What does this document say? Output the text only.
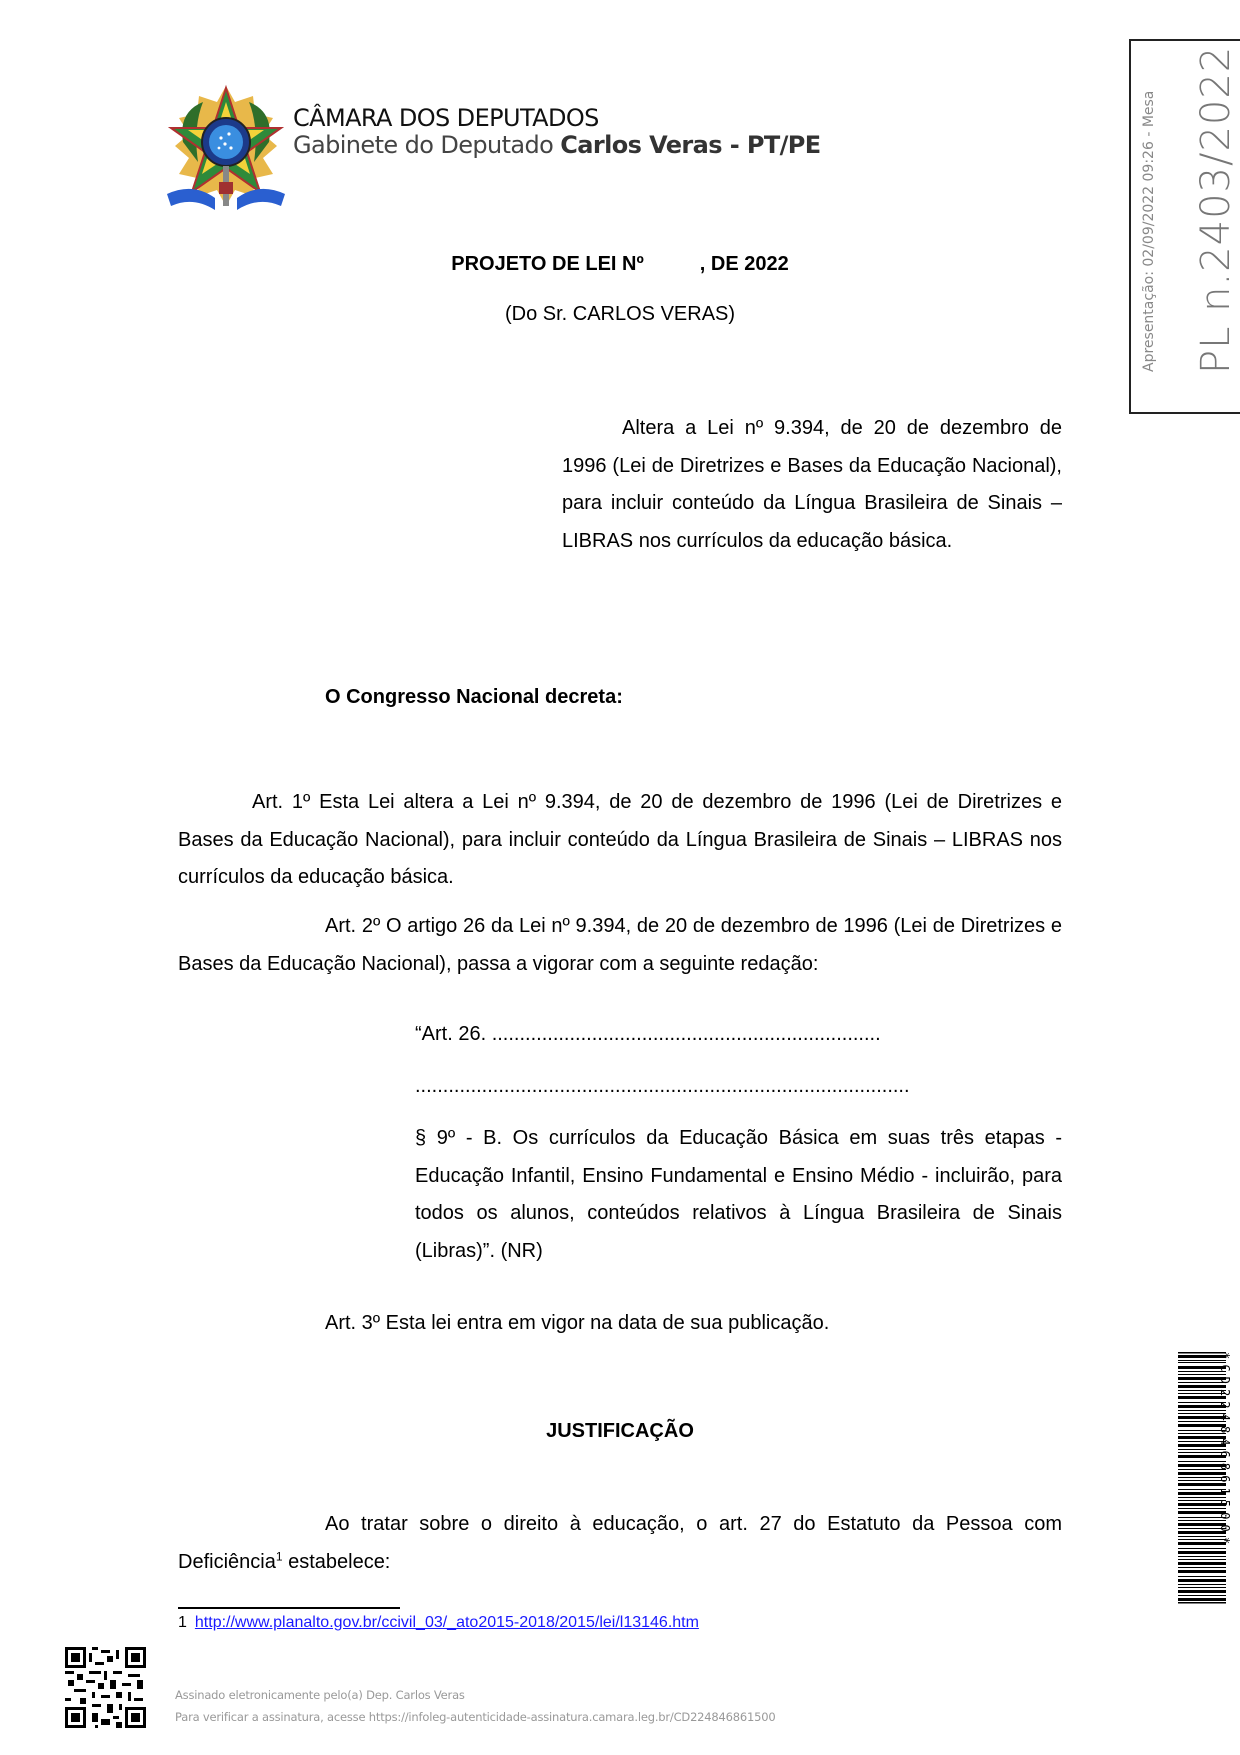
CÂMARA DOS DEPUTADOS
Gabinete do Deputado Carlos Veras - PT/PE	Apresentação: 02/09/2022 09:26 - Mesa PL n.2403/2022
PROJETO DE LEI Nº	, DE 2022
(Do Sr. CARLOS VERAS)

Altera a Lei nº 9.394, de 20 de dezembro de 1996 (Lei de Diretrizes e Bases da Educação Nacional), para incluir conteúdo da Língua Brasileira de Sinais – LIBRAS nos currículos da educação básica.

O Congresso Nacional decreta:

Art. 1º Esta Lei altera a Lei nº 9.394, de 20 de dezembro de 1996 (Lei de Diretrizes e Bases da Educação Nacional), para incluir conteúdo da Língua Brasileira de Sinais – LIBRAS nos currículos da educação básica.

Art. 2º O artigo 26 da Lei nº 9.394, de 20 de dezembro de 1996 (Lei de Diretrizes e Bases da Educação Nacional), passa a vigorar com a seguinte redação:

“Art. 26. ......................................................................
.........................................................................................

§ 9º - B. Os currículos da Educação Básica em suas três etapas - Educação Infantil, Ensino Fundamental e Ensino Médio - incluirão, para todos os alunos, conteúdos relativos à Língua Brasileira de Sinais (Libras)”. (NR)

Art. 3º Esta lei entra em vigor na data de sua publicação.
JUSTIFICAÇÃO

Ao tratar sobre o direito à educação, o art. 27 do Estatuto da Pessoa com Deficiência$^1$ estabelece:

1 http://www.planalto.gov.br/ccivil_03/_ato2015-2018/2015/lei/l13146.htm
Assinado eletronicamente pelo(a) Dep. Carlos Veras
Para verificar a assinatura, acesse https://infoleg-autenticidade-assinatura.camara.leg.br/CD224846861500
*CD224846861500*
